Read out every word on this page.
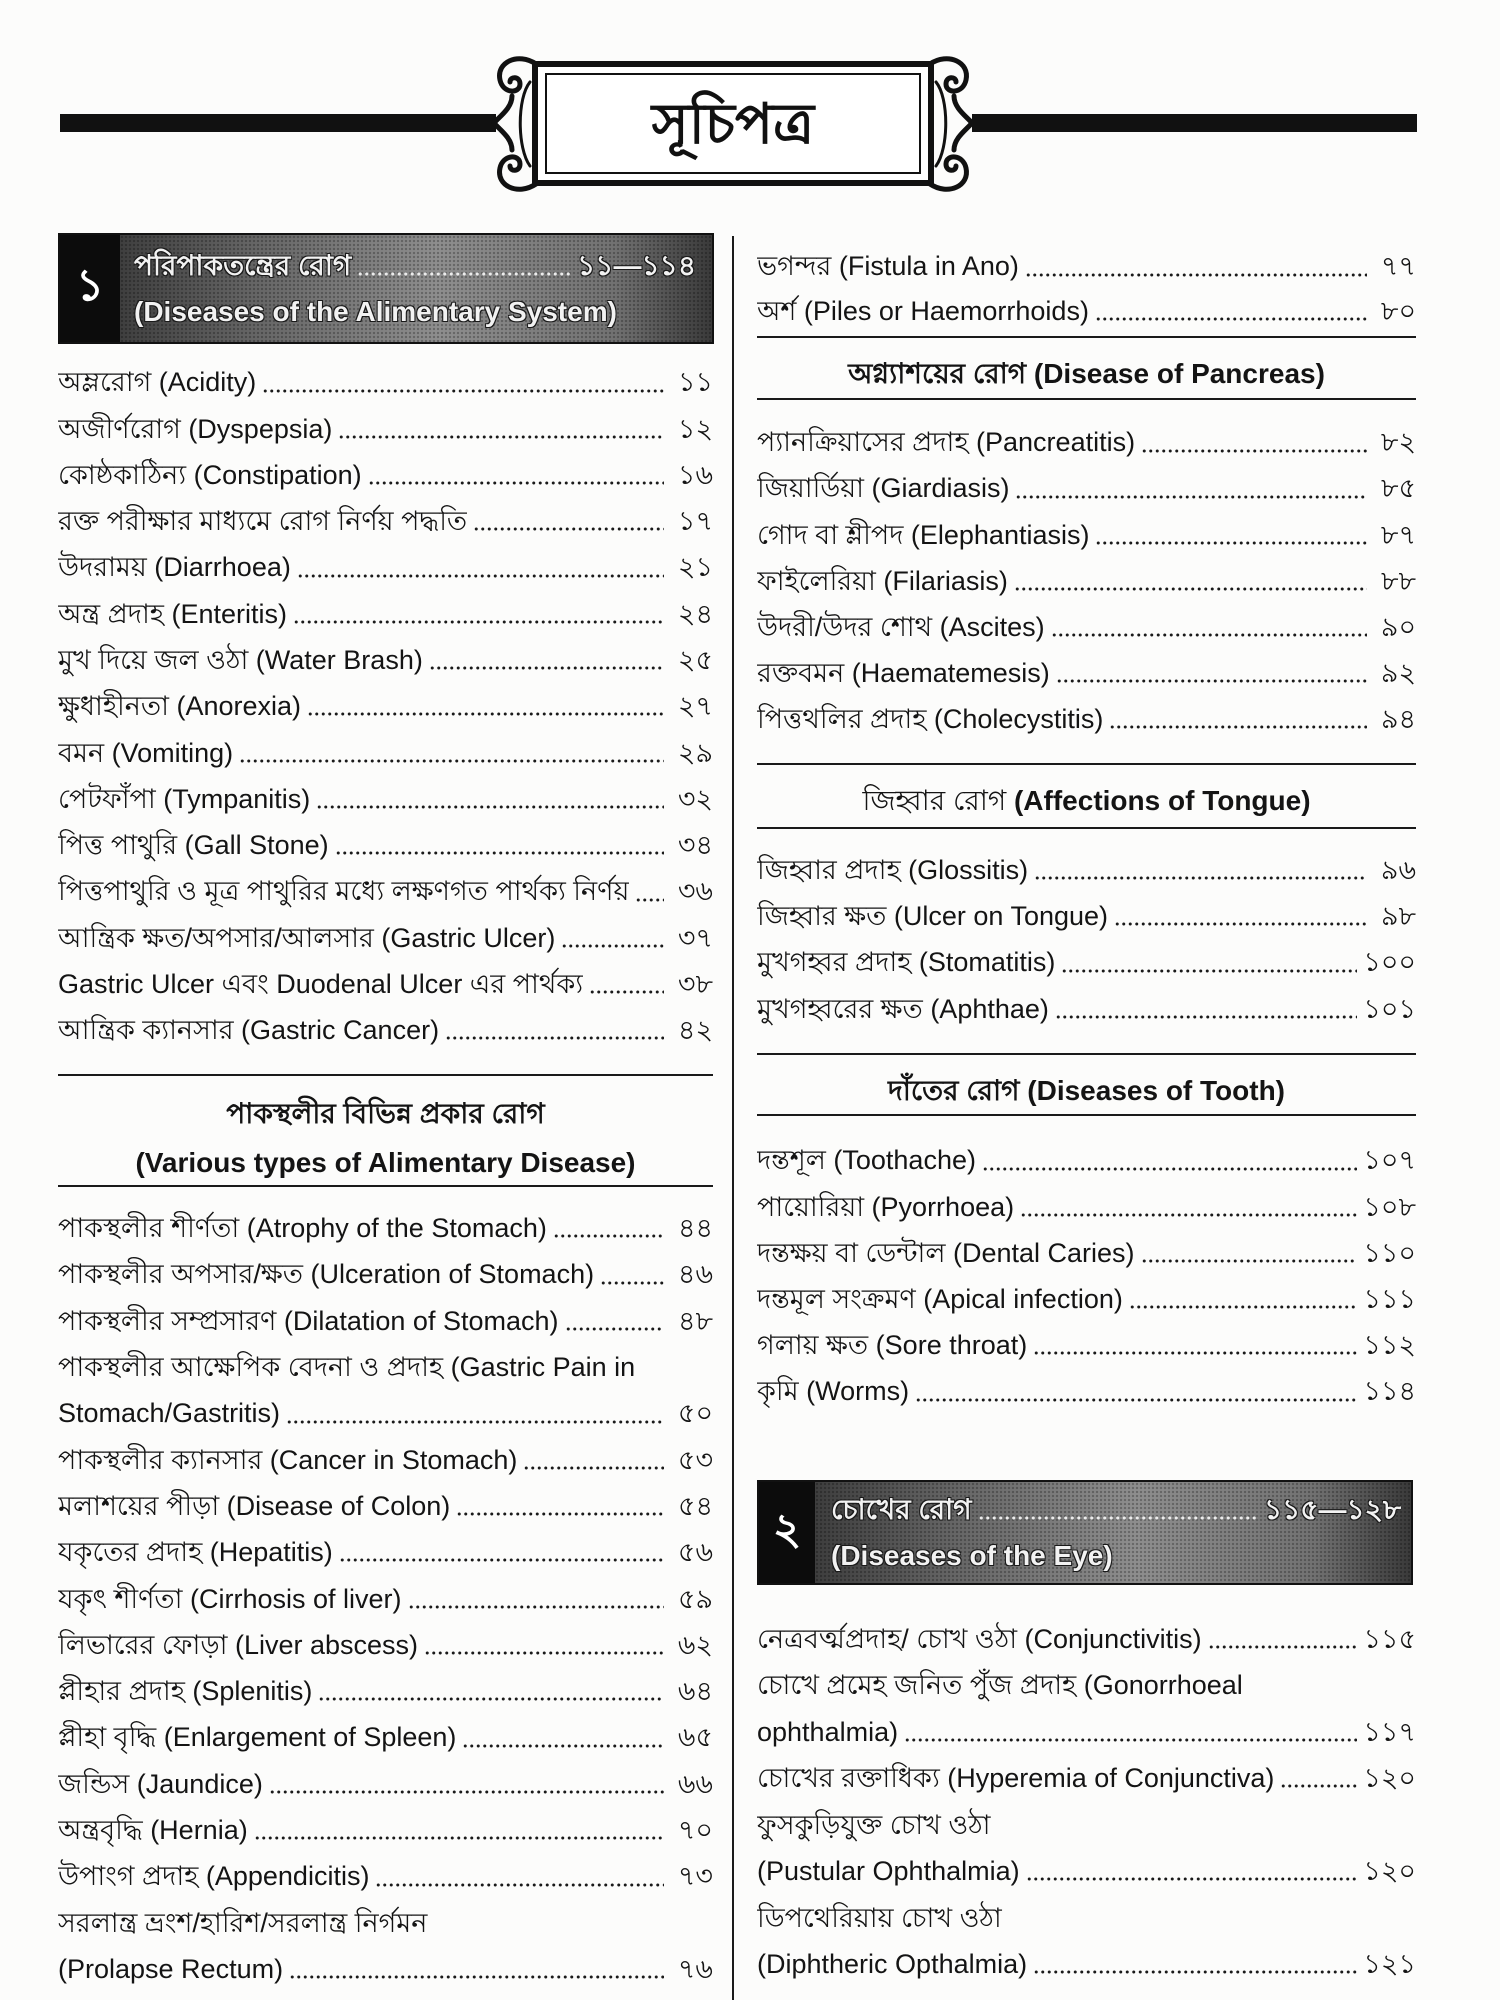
সূচিপত্র
১	পরিপাকতন্ত্রের রোগ	১১—১১৪
(Diseases of the Alimentary System)
অম্লরোগ (Acidity)	১১
অজীর্ণরোগ (Dyspepsia)	১২
কোষ্ঠকাঠিন্য (Constipation)	১৬
রক্ত পরীক্ষার মাধ্যমে রোগ নির্ণয় পদ্ধতি	১৭
উদরাময় (Diarrhoea)	২১
অন্ত্র প্রদাহ (Enteritis)	২৪
মুখ দিয়ে জল ওঠা (Water Brash)	২৫
ক্ষুধাহীনতা (Anorexia)	২৭
বমন (Vomiting)	২৯
পেটফাঁপা (Tympanitis)	৩২
পিত্ত পাথুরি (Gall Stone)	৩৪
পিত্তপাথুরি ও মূত্র পাথুরির মধ্যে লক্ষণগত পার্থক্য নির্ণয় ৩৬
আন্ত্রিক ক্ষত/অপসার/আলসার (Gastric Ulcer)	৩৭
Gastric Ulcer এবং Duodenal Ulcer এর পার্থক্য	৩৮
আন্ত্রিক ক্যানসার (Gastric Cancer)	৪২
পাকস্থলীর বিভিন্ন প্রকার রোগ
(Various types of Alimentary Disease)
পাকস্থলীর শীর্ণতা (Atrophy of the Stomach)	৪৪
পাকস্থলীর অপসার/ক্ষত (Ulceration of Stomach)	৪৬
পাকস্থলীর সম্প্রসারণ (Dilatation of Stomach)	৪৮
পাকস্থলীর আক্ষেপিক বেদনা ও প্রদাহ (Gastric Pain in
Stomach/Gastritis)	৫০
পাকস্থলীর ক্যানসার (Cancer in Stomach)	৫৩
মলাশয়ের পীড়া (Disease of Colon)	৫৪
যকৃতের প্রদাহ (Hepatitis)	৫৬
যকৃৎ শীর্ণতা (Cirrhosis of liver)	৫৯
লিভারের ফোড়া (Liver abscess)	৬২
প্লীহার প্রদাহ (Splenitis)	৬৪
প্লীহা বৃদ্ধি (Enlargement of Spleen)	৬৫
জন্ডিস (Jaundice)	৬৬
অন্ত্রবৃদ্ধি (Hernia)	৭০
উপাংগ প্রদাহ (Appendicitis)	৭৩
সরলান্ত্র ভ্রংশ/হারিশ/সরলান্ত্র নির্গমন
(Prolapse Rectum)	৭৬
ভগন্দর (Fistula in Ano)	৭৭
অর্শ (Piles or Haemorrhoids)	৮০
অগ্ন্যাশয়ের রোগ (Disease of Pancreas)
প্যানক্রিয়াসের প্রদাহ (Pancreatitis)	৮২
জিয়ার্ডিয়া (Giardiasis)	৮৫
গোদ বা শ্লীপদ (Elephantiasis)	৮৭
ফাইলেরিয়া (Filariasis)	৮৮
উদরী/উদর শোথ (Ascites)	৯০
রক্তবমন (Haematemesis)	৯২
পিত্তথলির প্রদাহ (Cholecystitis)	৯৪
জিহ্বার রোগ (Affections of Tongue)
জিহ্বার প্রদাহ (Glossitis)	৯৬
জিহ্বার ক্ষত (Ulcer on Tongue)	৯৮
মুখগহ্বর প্রদাহ (Stomatitis)	১০০
মুখগহ্বরের ক্ষত (Aphthae)	১০১
দাঁতের রোগ (Diseases of Tooth)
দন্তশূল (Toothache)	১০৭
পায়োরিয়া (Pyorrhoea)	১০৮
দন্তক্ষয় বা ডেন্টাল (Dental Caries)	১১০
দন্তমূল সংক্রমণ (Apical infection)	১১১
গলায় ক্ষত (Sore throat)	১১২
কৃমি (Worms)	১১৪
২	চোখের রোগ	১১৫—১২৮
(Diseases of the Eye)
নেত্রবর্ত্মপ্রদাহ/ চোখ ওঠা (Conjunctivitis)	১১৫
চোখে প্রমেহ জনিত পুঁজ প্রদাহ (Gonorrhoeal
ophthalmia)	১১৭
চোখের রক্তাধিক্য (Hyperemia of Conjunctiva)	১২০
ফুসকুড়িযুক্ত চোখ ওঠা
(Pustular Ophthalmia)	১২০
ডিপথেরিয়ায় চোখ ওঠা
(Diphtheric Opthalmia)	১২১
